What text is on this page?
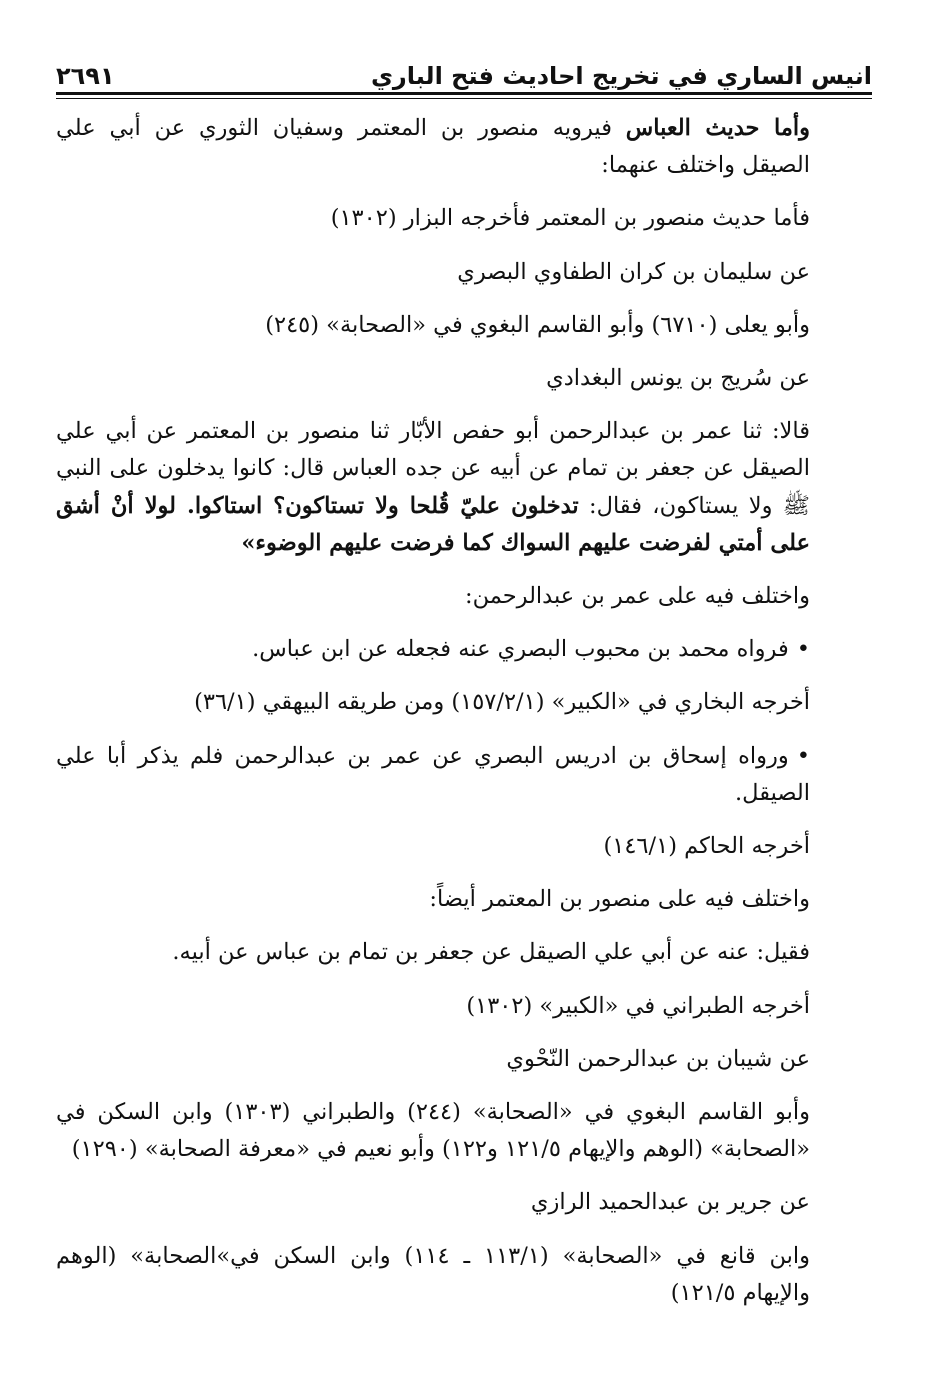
انيس الساري في تخريج احاديث فتح الباري
٢٦٩١

وأما حديث العباس فيرويه منصور بن المعتمر وسفيان الثوري عن أبي علي الصيقل واختلف عنهما:

فأما حديث منصور بن المعتمر فأخرجه البزار (١٣٠٢)

عن سليمان بن كران الطفاوي البصري

وأبو يعلى (٦٧١٠) وأبو القاسم البغوي في «الصحابة» (٢٤٥)

عن سُريج بن يونس البغدادي

قالا: ثنا عمر بن عبدالرحمن أبو حفص الأبّار ثنا منصور بن المعتمر عن أبي علي الصيقل عن جعفر بن تمام عن أبيه عن جده العباس قال: كانوا يدخلون على النبي ﷺ ولا يستاكون، فقال: تدخلون عليّ قُلحا ولا تستاكون؟ استاكوا. لولا أنْ أشق على أمتي لفرضت عليهم السواك كما فرضت عليهم الوضوء»

واختلف فيه على عمر بن عبدالرحمن:

•فرواه محمد بن محبوب البصري عنه فجعله عن ابن عباس.

أخرجه البخاري في «الكبير» (١٥٧/٢/١) ومن طريقه البيهقي (٣٦/١)

•ورواه إسحاق بن ادريس البصري عن عمر بن عبدالرحمن فلم يذكر أبا علي الصيقل.

أخرجه الحاكم (١٤٦/١)

واختلف فيه على منصور بن المعتمر أيضاً:

فقيل: عنه عن أبي علي الصيقل عن جعفر بن تمام بن عباس عن أبيه.

أخرجه الطبراني في «الكبير» (١٣٠٢)

عن شيبان بن عبدالرحمن النّحْوي

وأبو القاسم البغوي في «الصحابة» (٢٤٤) والطبراني (١٣٠٣) وابن السكن في «الصحابة» (الوهم والإيهام ١٢١/٥ و١٢٢) وأبو نعيم في «معرفة الصحابة» (١٢٩٠)

عن جرير بن عبدالحميد الرازي

وابن قانع في «الصحابة» (١١٣/١ ـ ١١٤) وابن السكن في»الصحابة» (الوهم والإيهام ١٢١/٥)
